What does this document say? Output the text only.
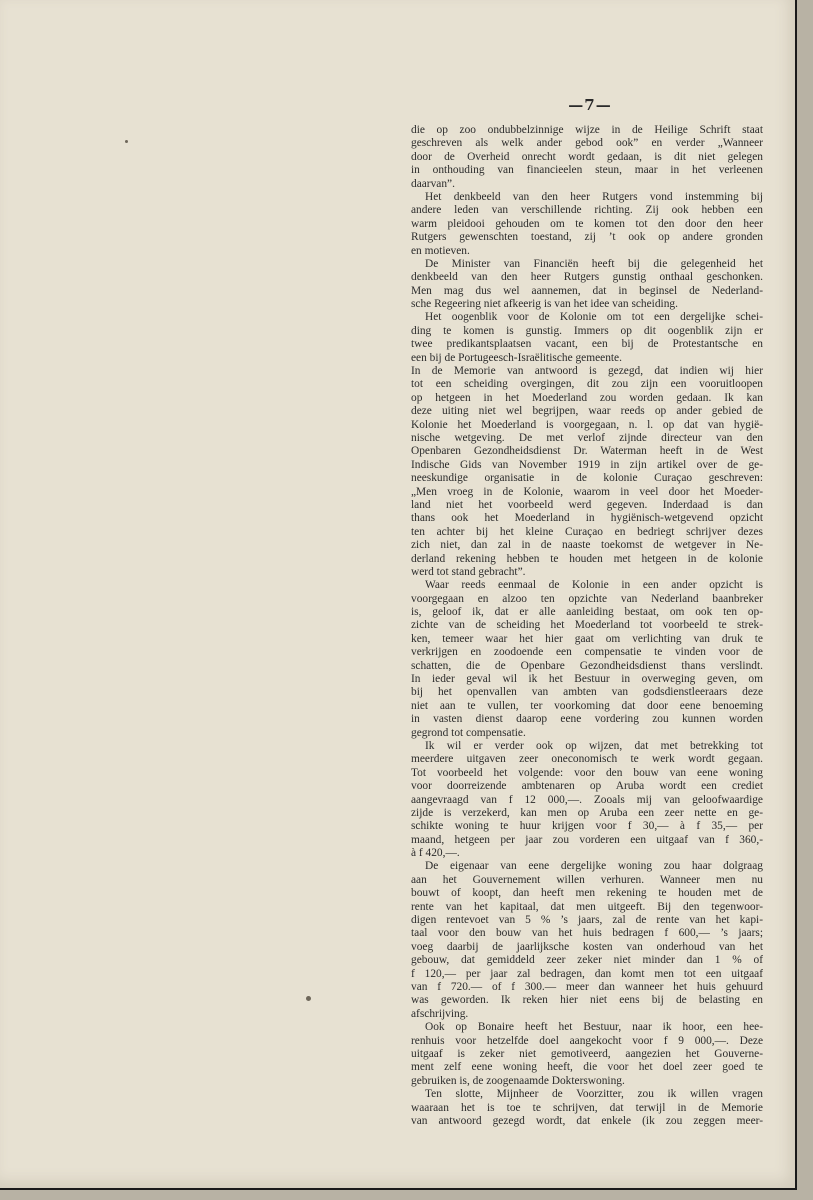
—7—
die op zoo ondubbelzinnige wijze in de Heilige Schrift staat
geschreven als welk ander gebod ook” en verder „Wanneer
door de Overheid onrecht wordt gedaan, is dit niet gelegen
in onthouding van financieelen steun, maar in het verleenen
daarvan”.
Het denkbeeld van den heer Rutgers vond instemming bij
andere leden van verschillende richting. Zij ook hebben een
warm pleidooi gehouden om te komen tot den door den heer
Rutgers gewenschten toestand, zij ’t ook op andere gronden
en motieven.
De Minister van Financiën heeft bij die gelegenheid het
denkbeeld van den heer Rutgers gunstig onthaal geschonken.
Men mag dus wel aannemen, dat in beginsel de Nederland-
sche Regeering niet afkeerig is van het idee van scheiding.
Het oogenblik voor de Kolonie om tot een dergelijke schei-
ding te komen is gunstig. Immers op dit oogenblik zijn er
twee predikantsplaatsen vacant, een bij de Protestantsche en
een bij de Portugeesch-Israëlitische gemeente.
In de Memorie van antwoord is gezegd, dat indien wij hier
tot een scheiding overgingen, dit zou zijn een vooruitloopen
op hetgeen in het Moederland zou worden gedaan. Ik kan
deze uiting niet wel begrijpen, waar reeds op ander gebied de
Kolonie het Moederland is voorgegaan, n. l. op dat van hygië-
nische wetgeving. De met verlof zijnde directeur van den
Openbaren Gezondheidsdienst Dr. Waterman heeft in de West
Indische Gids van November 1919 in zijn artikel over de ge-
neeskundige organisatie in de kolonie Curaçao geschreven:
„Men vroeg in de Kolonie, waarom in veel door het Moeder-
land niet het voorbeeld werd gegeven. Inderdaad is dan
thans ook het Moederland in hygiënisch-wetgevend opzicht
ten achter bij het kleine Curaçao en bedriegt schrijver dezes
zich niet, dan zal in de naaste toekomst de wetgever in Ne-
derland rekening hebben te houden met hetgeen in de kolonie
werd tot stand gebracht”.
Waar reeds eenmaal de Kolonie in een ander opzicht is
voorgegaan en alzoo ten opzichte van Nederland baanbreker
is, geloof ik, dat er alle aanleiding bestaat, om ook ten op-
zichte van de scheiding het Moederland tot voorbeeld te strek-
ken, temeer waar het hier gaat om verlichting van druk te
verkrijgen en zoodoende een compensatie te vinden voor de
schatten, die de Openbare Gezondheidsdienst thans verslindt.
In ieder geval wil ik het Bestuur in overweging geven, om
bij het openvallen van ambten van godsdienstleeraars deze
niet aan te vullen, ter voorkoming dat door eene benoeming
in vasten dienst daarop eene vordering zou kunnen worden
gegrond tot compensatie.
Ik wil er verder ook op wijzen, dat met betrekking tot
meerdere uitgaven zeer oneconomisch te werk wordt gegaan.
Tot voorbeeld het volgende: voor den bouw van eene woning
voor doorreizende ambtenaren op Aruba wordt een crediet
aangevraagd van f 12 000,—. Zooals mij van geloofwaardige
zijde is verzekerd, kan men op Aruba een zeer nette en ge-
schikte woning te huur krijgen voor f 30,— à f 35,— per
maand, hetgeen per jaar zou vorderen een uitgaaf van f 360,-
à f 420,—.
De eigenaar van eene dergelijke woning zou haar dolgraag
aan het Gouvernement willen verhuren. Wanneer men nu
bouwt of koopt, dan heeft men rekening te houden met de
rente van het kapitaal, dat men uitgeeft. Bij den tegenwoor-
digen rentevoet van 5 % ’s jaars, zal de rente van het kapi-
taal voor den bouw van het huis bedragen f 600,— ’s jaars;
voeg daarbij de jaarlijksche kosten van onderhoud van het
gebouw, dat gemiddeld zeer zeker niet minder dan 1 % of
f 120,— per jaar zal bedragen, dan komt men tot een uitgaaf
van f 720.— of f 300.— meer dan wanneer het huis gehuurd
was geworden. Ik reken hier niet eens bij de belasting en
afschrijving.
Ook op Bonaire heeft het Bestuur, naar ik hoor, een hee-
renhuis voor hetzelfde doel aangekocht voor f 9 000,—. Deze
uitgaaf is zeker niet gemotiveerd, aangezien het Gouverne-
ment zelf eene woning heeft, die voor het doel zeer goed te
gebruiken is, de zoogenaamde Dokterswoning.
Ten slotte, Mijnheer de Voorzitter, zou ik willen vragen
waaraan het is toe te schrijven, dat terwijl in de Memorie
van antwoord gezegd wordt, dat enkele (ik zou zeggen meer-
